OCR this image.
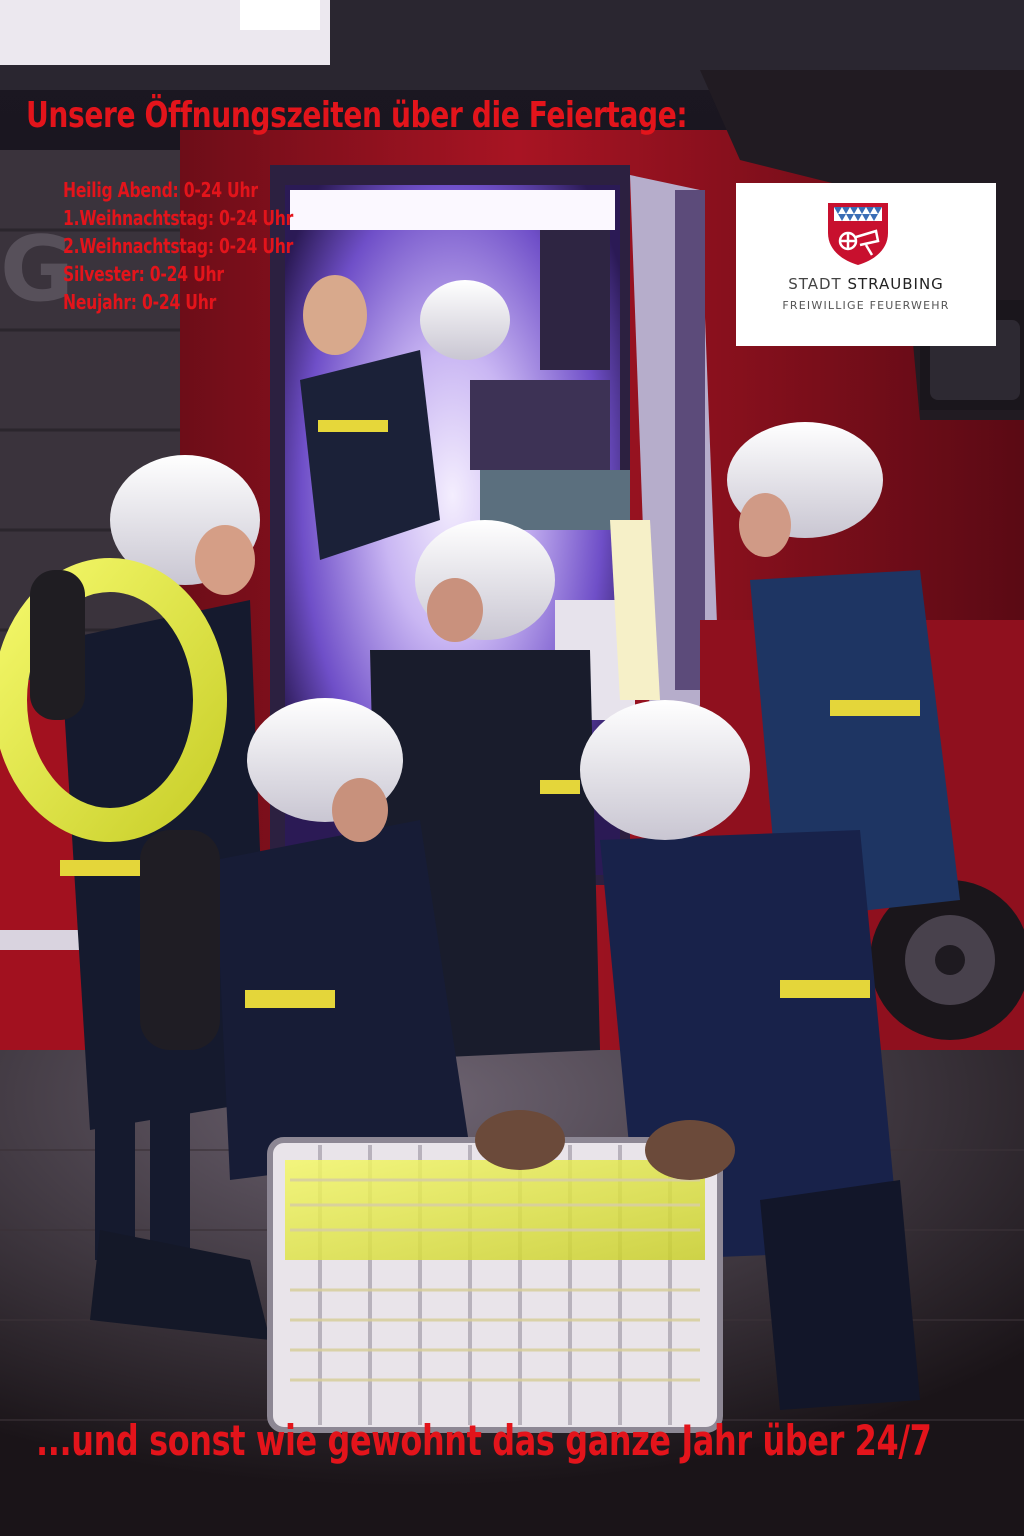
G
Unsere Öffnungszeiten über die Feiertage:
Heilig Abend: 0-24 Uhr
1.Weihnachtstag: 0-24 Uhr
2.Weihnachtstag: 0-24 Uhr
Silvester: 0-24 Uhr
Neujahr: 0-24 Uhr
STADT STRAUBING
FREIWILLIGE FEUERWEHR
...und sonst wie gewohnt das ganze Jahr über 24/7
